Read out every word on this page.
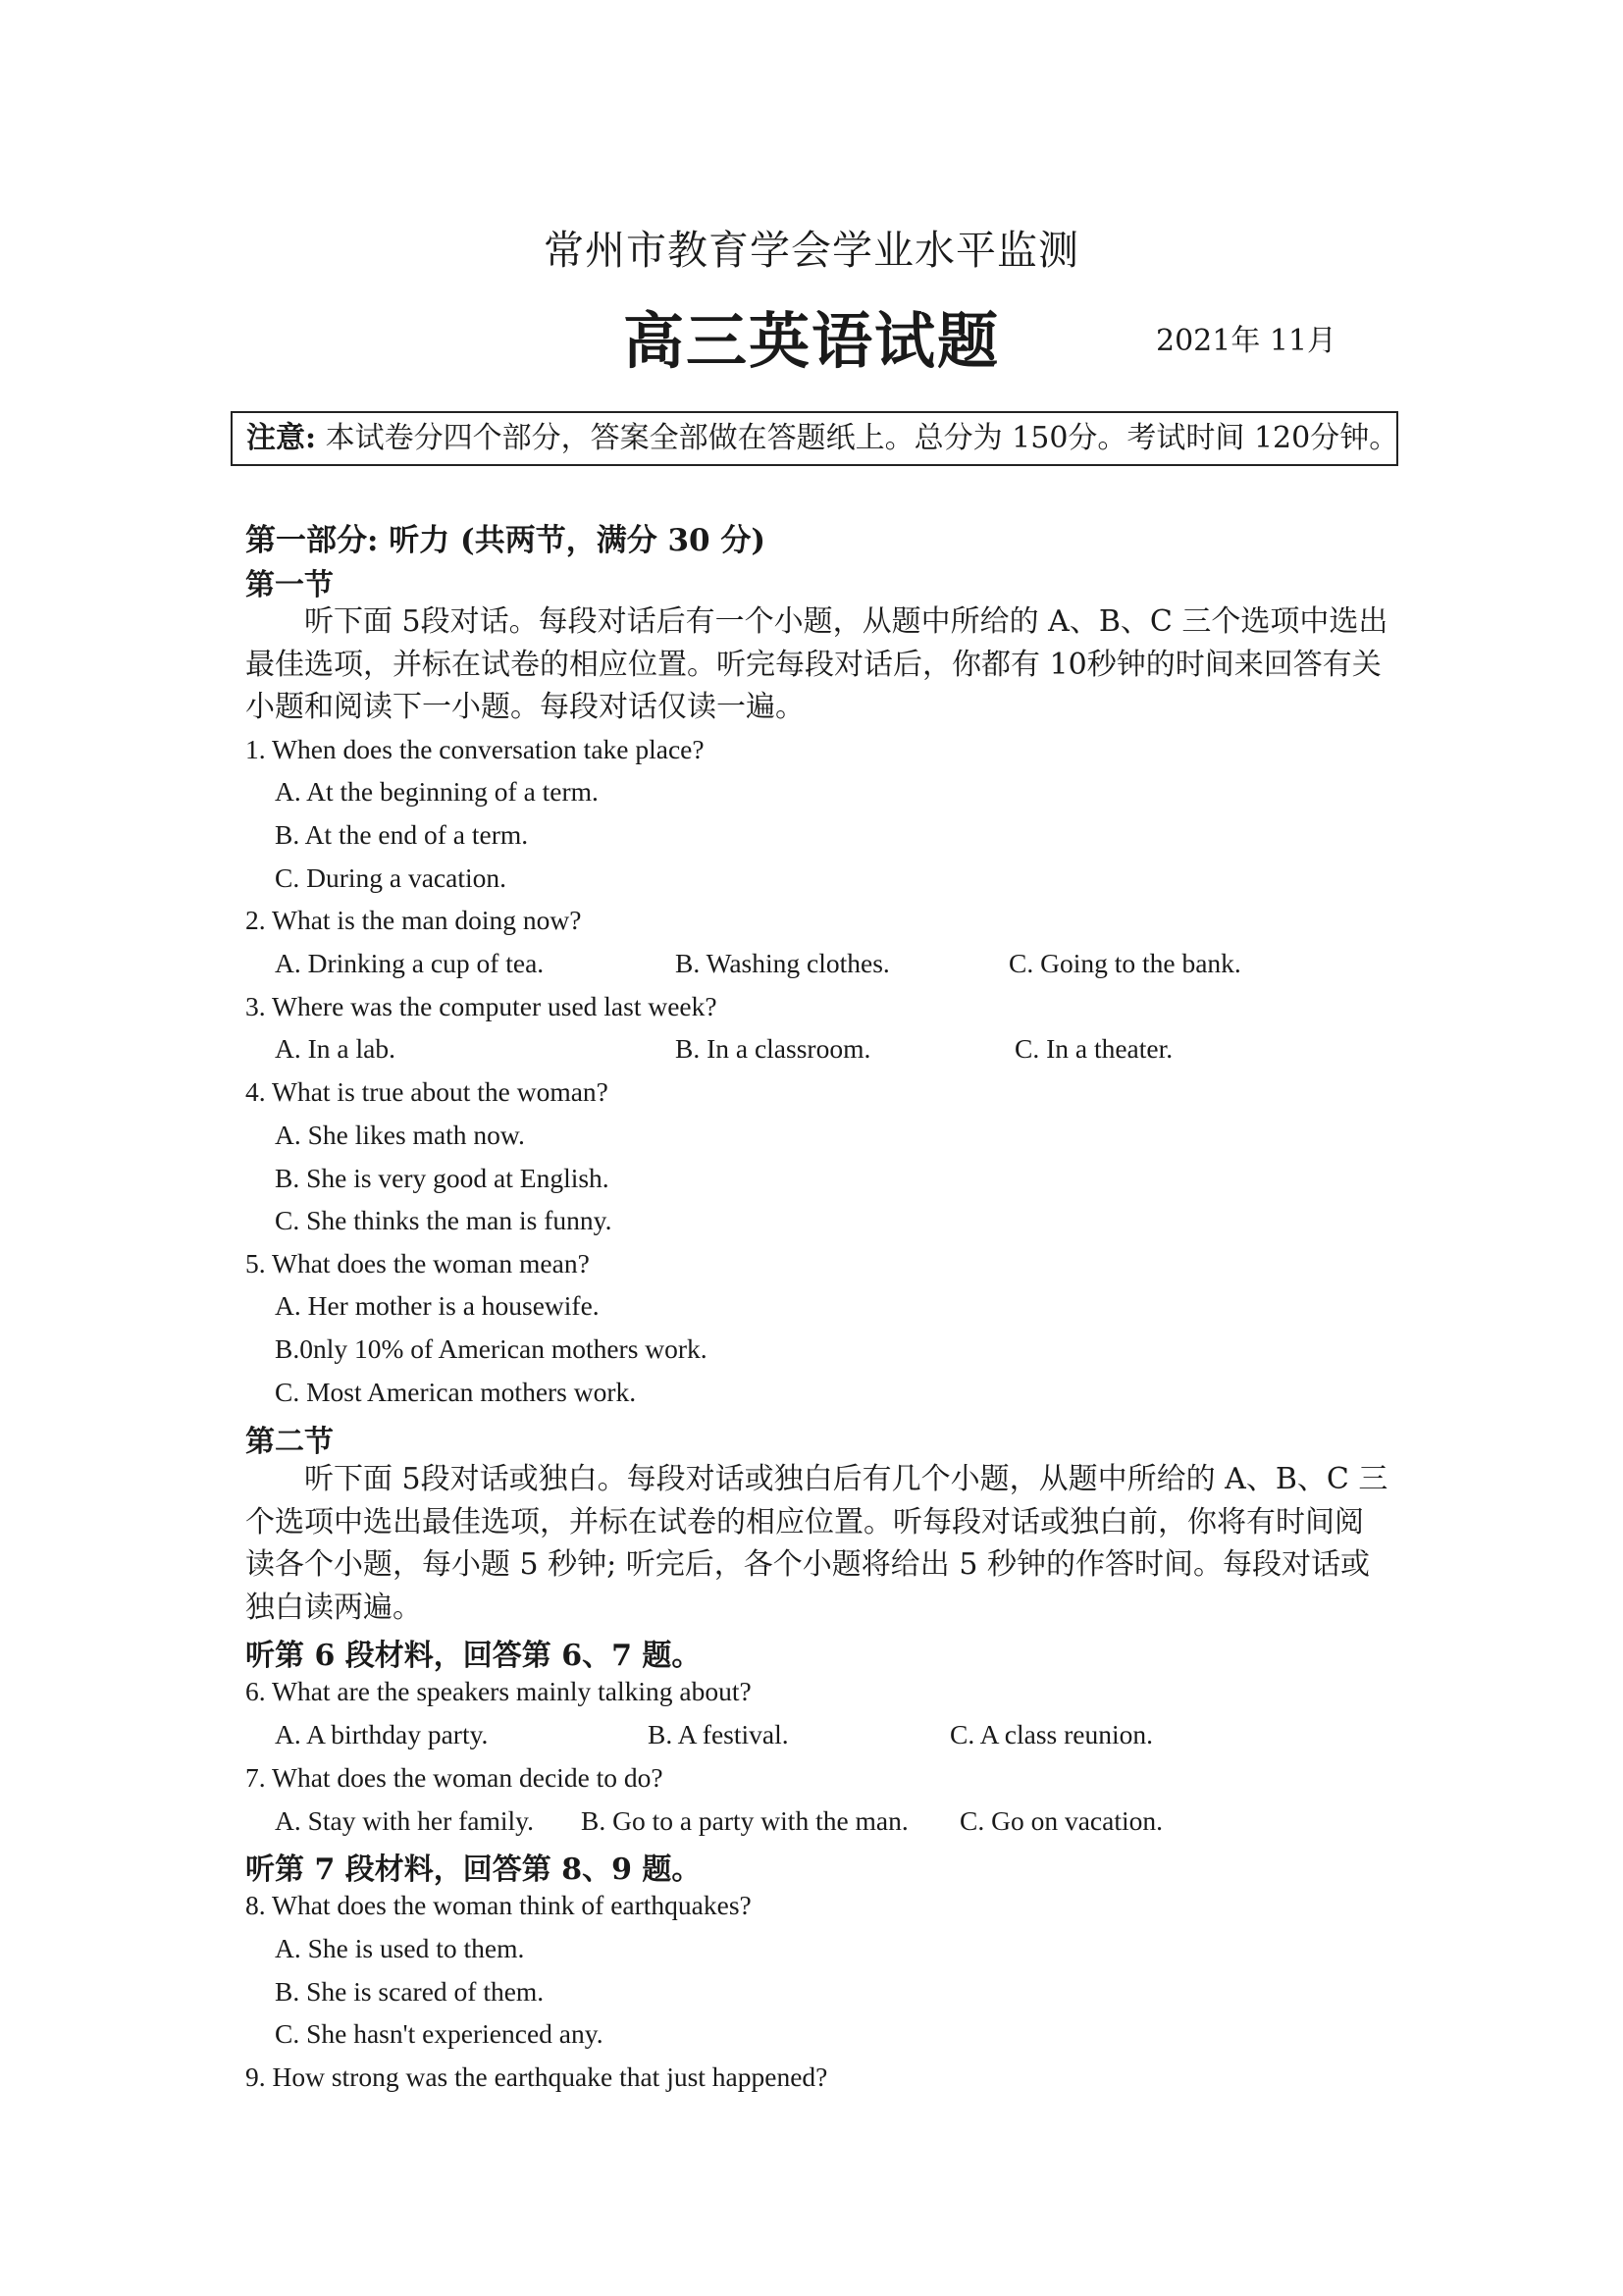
常州市教育学会学业水平监测
高三英语试题	2021年 11月
注意: 本试卷分四个部分，答案全部做在答题纸上。总分为 150分。考试时间 120分钟。
第一部分: 听力 (共两节，满分 30 分)
第一节
听下面 5段对话。每段对话后有一个小题，从题中所给的 A、B、C 三个选项中选出最佳选项，并标在试卷的相应位置。听完每段对话后，你都有 10秒钟的时间来回答有关小题和阅读下一小题。每段对话仅读一遍。
1. When does the conversation take place?
A. At the beginning of a term.
B. At the end of a term.
C. During a vacation.
2. What is the man doing now?
A. Drinking a cup of tea.	B. Washing clothes.	C. Going to the bank.
3. Where was the computer used last week?
A. In a lab.	B. In a classroom.	C. In a theater.
4. What is true about the woman?
A. She likes math now.
B. She is very good at English.
C. She thinks the man is funny.
5. What does the woman mean?
A. Her mother is a housewife.
B.0nly 10% of American mothers work.
C. Most American mothers work.
第二节
听下面 5段对话或独白。每段对话或独白后有几个小题，从题中所给的 A、B、C 三个选项中选出最佳选项，并标在试卷的相应位置。听每段对话或独白前，你将有时间阅读各个小题，每小题 5 秒钟; 听完后，各个小题将给出 5 秒钟的作答时间。每段对话或独白读两遍。
听第 6 段材料，回答第 6、7 题。
6. What are the speakers mainly talking about?
A. A birthday party.	B. A festival.	C. A class reunion.
7. What does the woman decide to do?
A. Stay with her family. B. Go to a party with the man. C. Go on vacation.
听第 7 段材料，回答第 8、9 题。
8. What does the woman think of earthquakes?
A. She is used to them.
B. She is scared of them.
C. She hasn't experienced any.
9. How strong was the earthquake that just happened?
